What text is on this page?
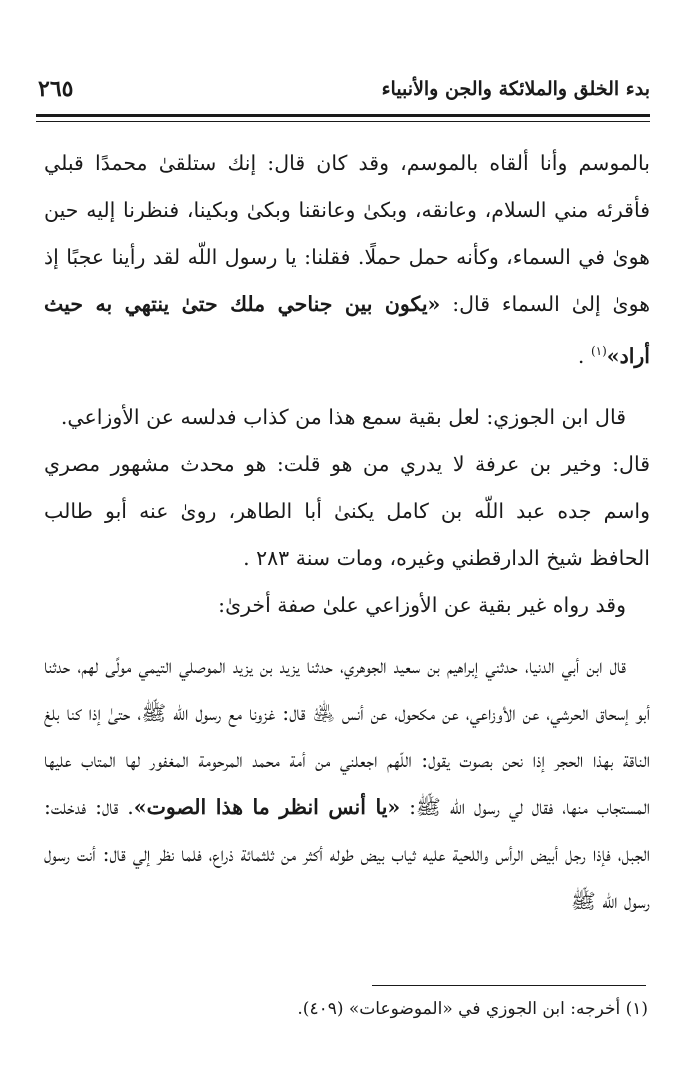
بدء الخلق والملائكة والجن والأنبياء
٢٦٥

بالموسم وأنا ألقاه بالموسم، وقد كان قال: إنك ستلقىٰ محمدًا قبلي فأقرئه مني السلام، وعانقه، وبكىٰ وعانقنا وبكىٰ وبكينا، فنظرنا إليه حين هوىٰ في السماء، وكأنه حمل حملًا. فقلنا: يا رسول اللّه لقد رأينا عجبًا إذ هوىٰ إلىٰ السماء قال: «يكون بين جناحي ملك حتىٰ ينتهي به حيث أراد»$^{(١)}$ .

قال ابن الجوزي: لعل بقية سمع هذا من كذاب فدلسه عن الأوزاعي.

قال: وخير بن عرفة لا يدري من هو قلت: هو محدث مشهور مصري واسم جده عبد اللّه بن كامل يكنىٰ أبا الطاهر، روىٰ عنه أبو طالب الحافظ شيخ الدارقطني وغيره، ومات سنة ٢٨٣ .

وقد رواه غير بقية عن الأوزاعي علىٰ صفة أخرىٰ:

قال ابن أبي الدنيا، حدثني إبراهيم بن سعيد الجوهري، حدثنا يزيد بن يزيد الموصلي التيمي مولًى لهم، حدثنا أبو إسحاق الحرشي، عن الأوزاعي، عن مكحول، عن أنس ﵁ قال: غزونا مع رسول اللّه ﷺ، حتىٰ إذا كنا بلغ الناقة بهذا الحجر إذا نحن بصوت يقول: اللّهم اجعلني من أمة محمد المرحومة المغفور لها المتاب عليها المستجاب منها، فقال لي رسول اللّه ﷺ: «يا أنس انظر ما هذا الصوت». قال: فدخلت: الجبل، فإذا رجل أبيض الرأس واللحية عليه ثياب بيض طوله أكثر من ثلثمائة ذراع، فلما نظر إلي قال: أنت رسول رسول اللّه ﷺ

(١) أخرجه: ابن الجوزي في «الموضوعات» (٤٠٩).
